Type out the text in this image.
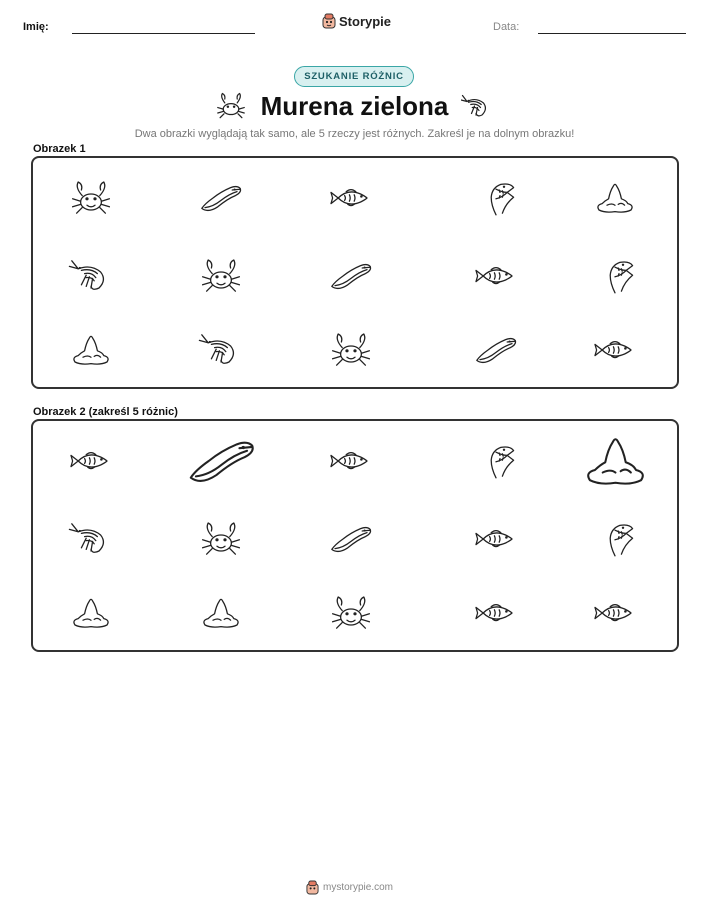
Imię:	Storypie	Data:
SZUKANIE RÓŻNIC
Murena zielona
Dwa obrazki wyglądają tak samo, ale 5 rzeczy jest różnych. Zakreśl je na dolnym obrazku!
Obrazek 1
Obrazek 2 (zakreśl 5 różnic)
mystorypie.com
